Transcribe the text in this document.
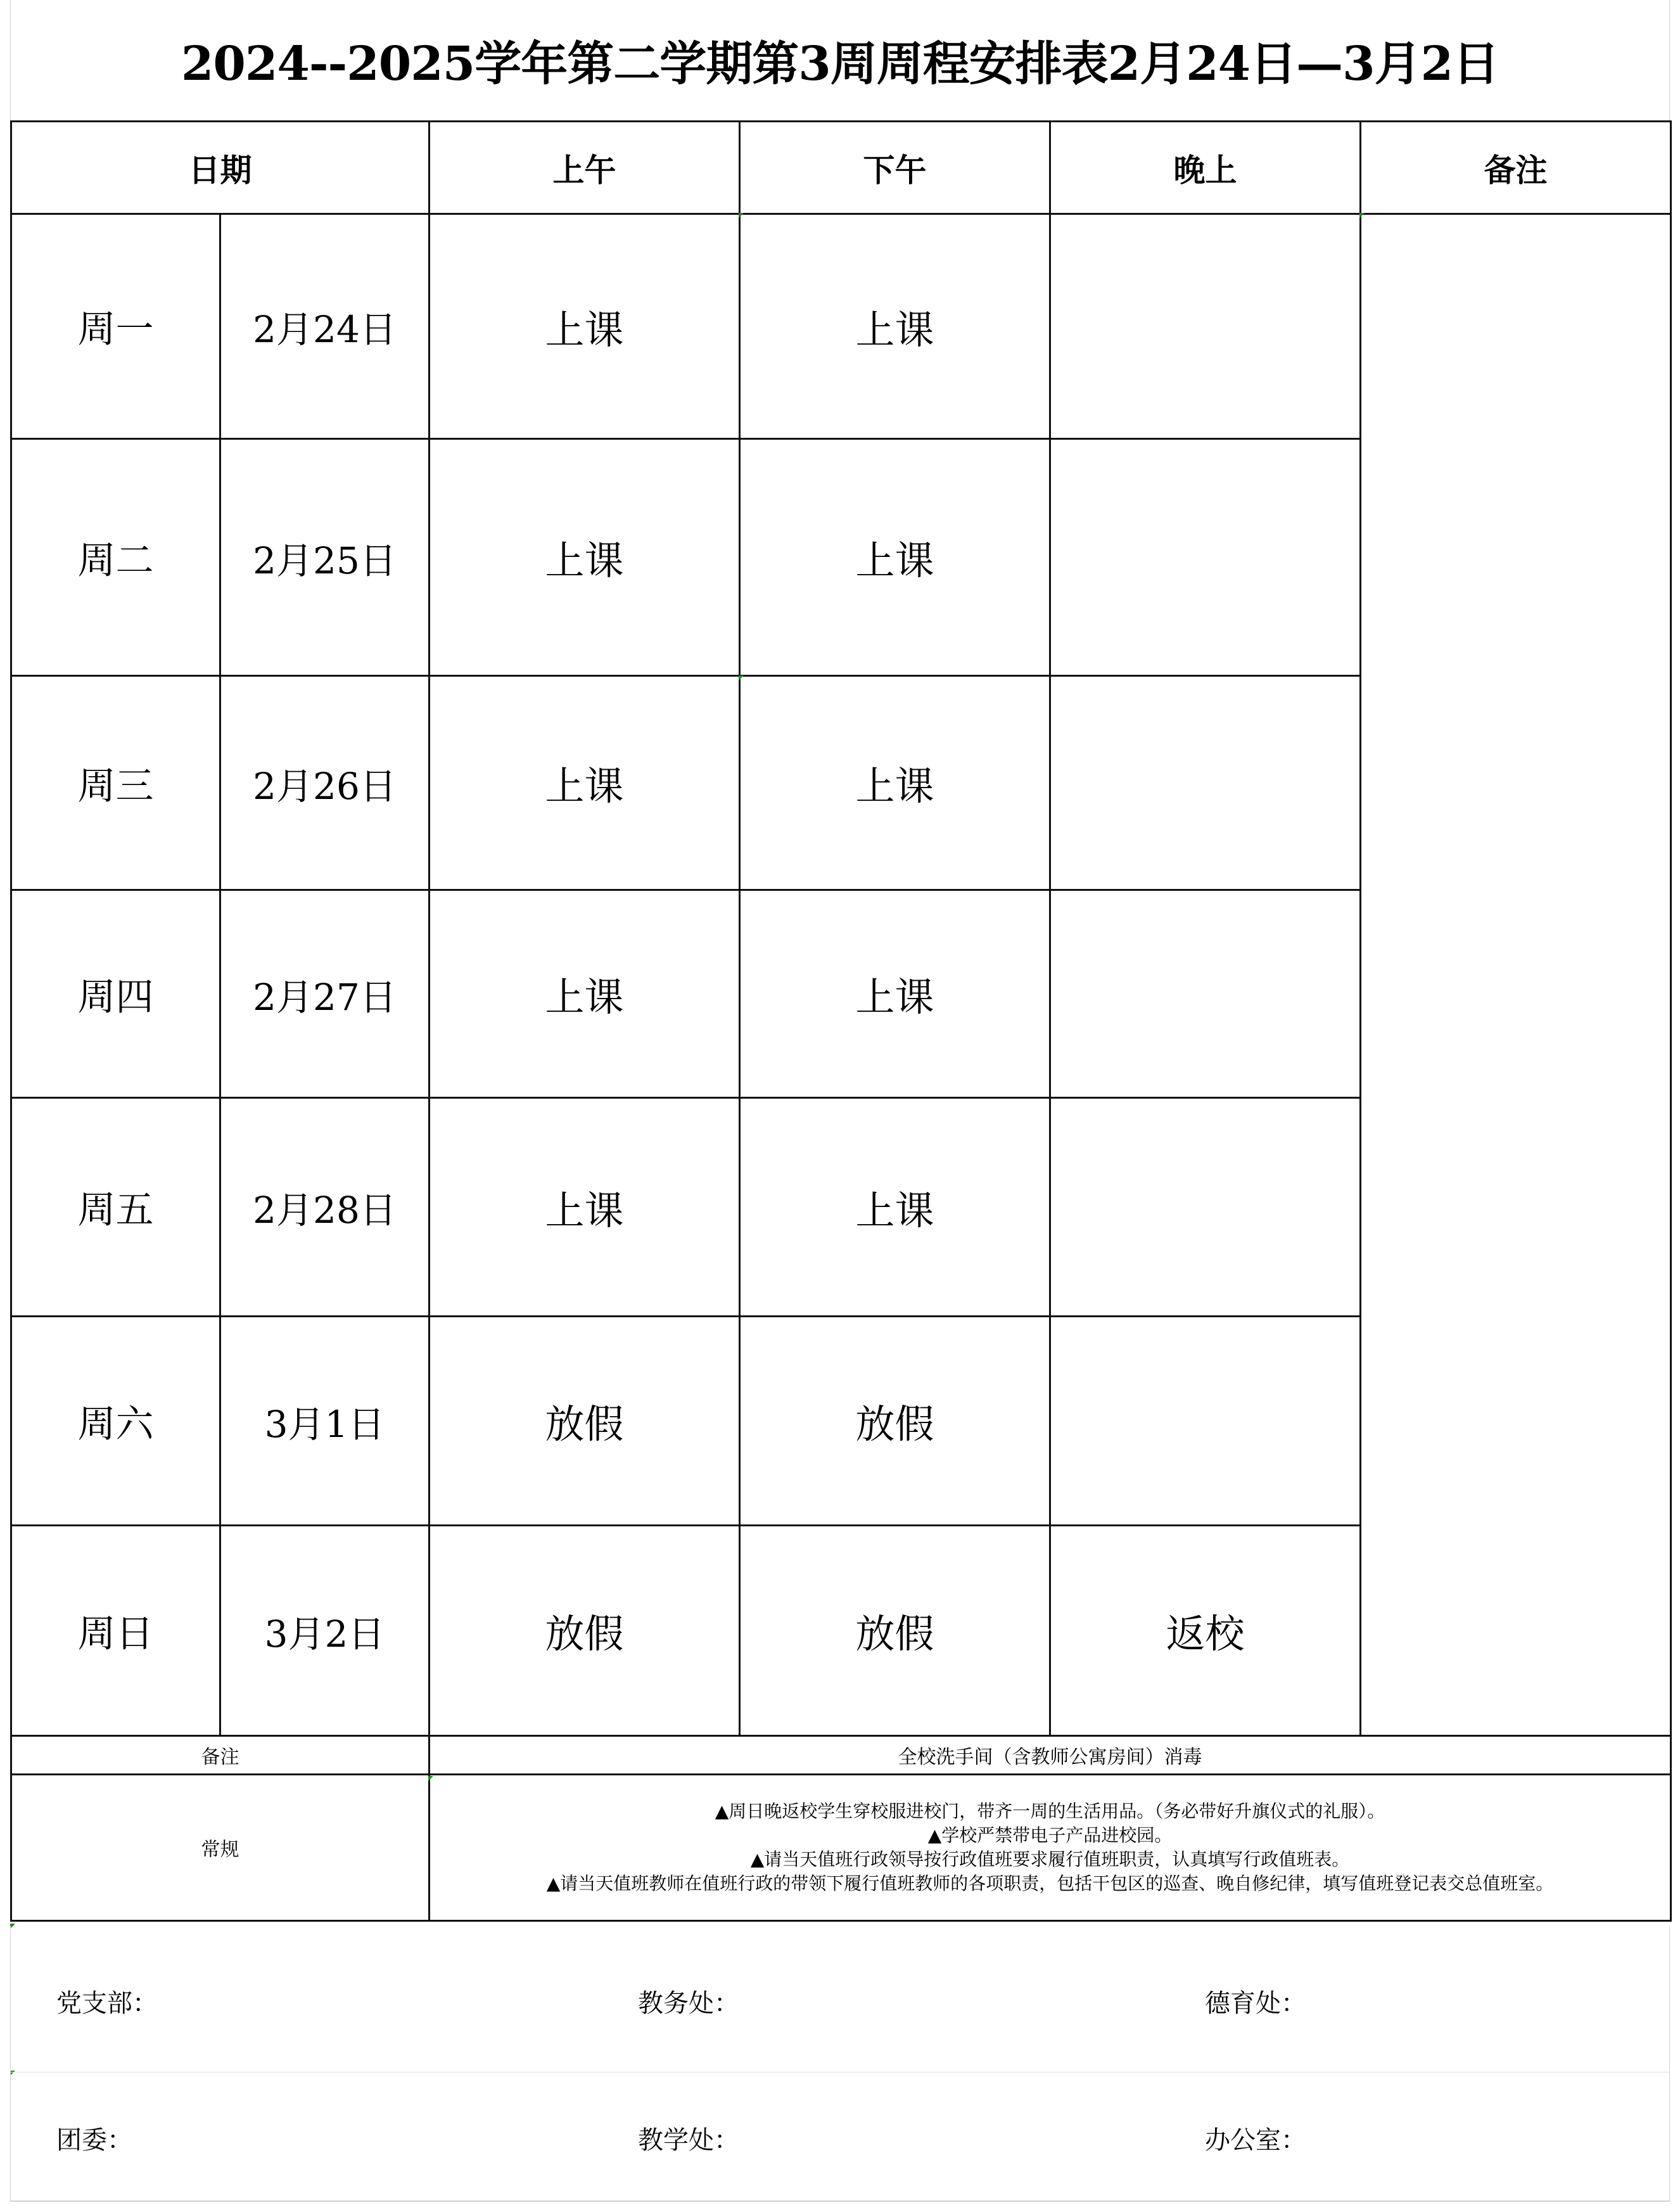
2024--2025学年第二学期第3周周程安排表2月24日—3月2日
日期		上午	下午	晚上	备注
周一	2月24日	上课	上课		
周二	2月25日	上课	上课		
周三	2月26日	上课	上课		
周四	2月27日	上课	上课		
周五	2月28日	上课	上课		
周六	3月1日	放假	放假		
周日	3月2日	放假	放假	返校	
备注		全校洗手间（含教师公寓房间）消毒			
常规		▲周日晚返校学生穿校服进校门，带齐一周的生活用品。（务必带好升旗仪式的礼服）。
▲学校严禁带电子产品进校园。
▲请当天值班行政领导按行政值班要求履行值班职责，认真填写行政值班表。
▲请当天值班教师在值班行政的带领下履行值班教师的各项职责，包括干包区的巡查、晚自修纪律，填写值班登记表交总值班室。			
党支部：	教务处：	德育处：
团委：	教学处：	办公室：
